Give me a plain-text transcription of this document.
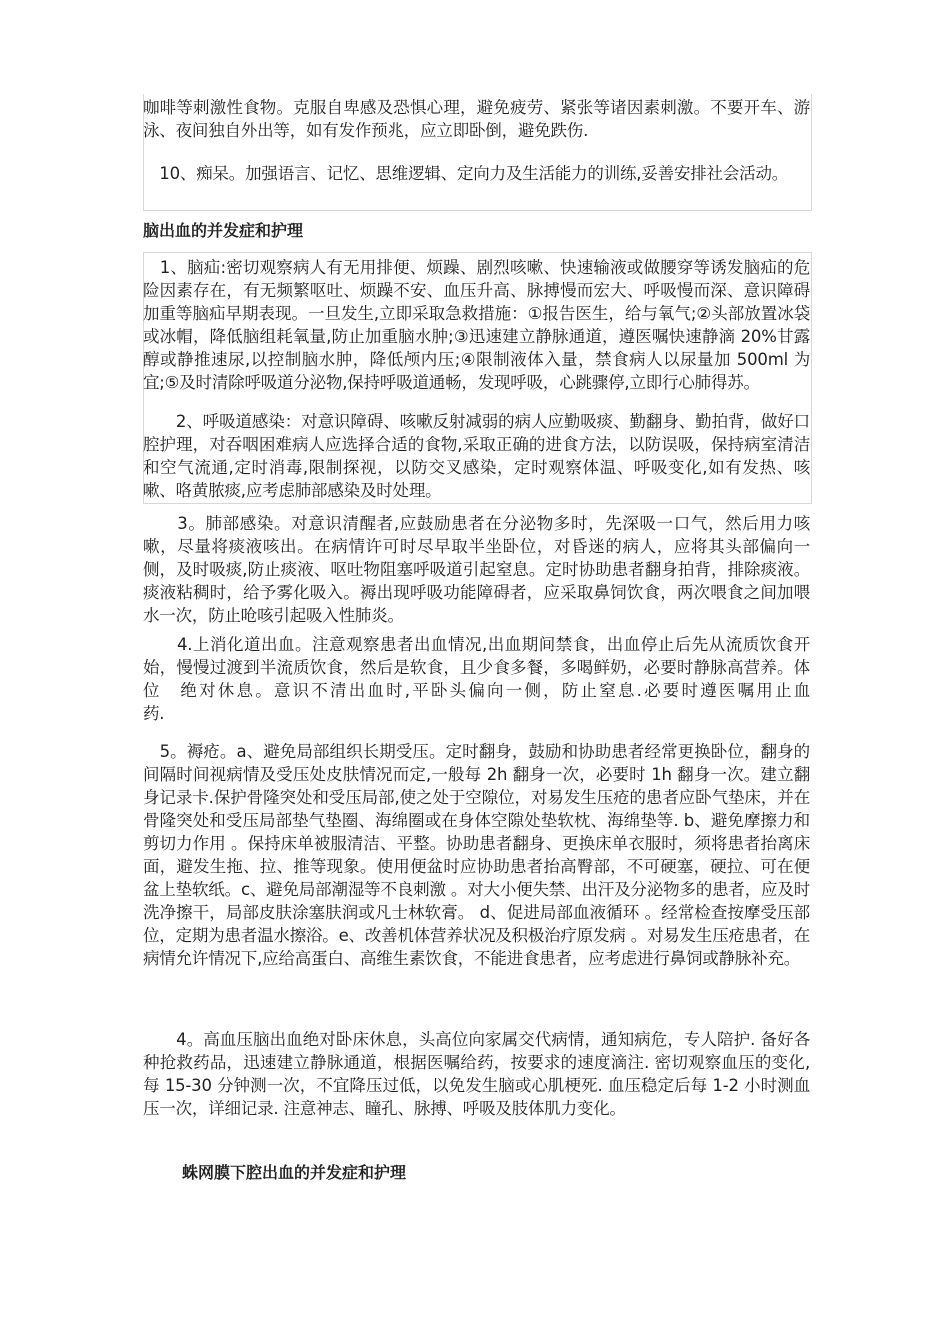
咖啡等刺激性食物。克服自卑感及恐惧心理，避免疲劳、紧张等诸因素刺激。不要开车、游泳、夜间独自外出等，如有发作预兆，应立即卧倒，避免跌伤.

　10、痴呆。加强语言、记忆、思维逻辑、定向力及生活能力的训练,妥善安排社会活动。

脑出血的并发症和护理

　1、脑疝:密切观察病人有无用排便、烦躁、剧烈咳嗽、快速输液或做腰穿等诱发脑疝的危险因素存在，有无频繁呕吐、烦躁不安、血压升高、脉搏慢而宏大、呼吸慢而深、意识障碍加重等脑疝早期表现。一旦发生,立即采取急救措施：①报告医生，给与氧气;②头部放置冰袋或冰帽，降低脑组耗氧量,防止加重脑水肿;③迅速建立静脉通道，遵医嘱快速静滴 20%甘露醇或静推速尿,以控制脑水肿，降低颅内压;④限制液体入量，禁食病人以尿量加 500ml 为宜;⑤及时清除呼吸道分泌物,保持呼吸道通畅，发现呼吸，心跳骤停,立即行心肺得苏。

　　2、呼吸道感染：对意识障碍、咳嗽反射减弱的病人应勤吸痰、勤翻身、勤拍背，做好口腔护理，对吞咽困难病人应选择合适的食物,采取正确的进食方法，以防误吸，保持病室清洁和空气流通,定时消毒,限制探视，以防交叉感染，定时观察体温、呼吸变化,如有发热、咳嗽、咯黄脓痰,应考虑肺部感染及时处理。

　　3。肺部感染。对意识清醒者,应鼓励患者在分泌物多时，先深吸一口气，然后用力咳嗽，尽量将痰液咳出。在病情许可时尽早取半坐卧位，对昏迷的病人，应将其头部偏向一侧，及时吸痰,防止痰液、呕吐物阻塞呼吸道引起窒息。定时协助患者翻身拍背，排除痰液。痰液粘稠时，给予雾化吸入。褥出现呼吸功能障碍者，应采取鼻饲饮食，两次喂食之间加喂水一次，防止呛咳引起吸入性肺炎。

　　4.上消化道出血。注意观察患者出血情况,出血期间禁食，出血停止后先从流质饮食开始，慢慢过渡到半流质饮食，然后是软食，且少食多餐，多喝鲜奶，必要时静脉高营养。体位　绝对休息。意识不清出血时,平卧头偏向一侧，防止窒息.必要时遵医嘱用止血　　　　　药.

　5。褥疮。a、避免局部组织长期受压。定时翻身，鼓励和协助患者经常更换卧位，翻身的间隔时间视病情及受压处皮肤情况而定,一般每 2h 翻身一次，必要时 1h 翻身一次。建立翻身记录卡.保护骨隆突处和受压局部,使之处于空隙位，对易发生压疮的患者应卧气垫床，并在骨隆突处和受压局部垫气垫圈、海绵圈或在身体空隙处垫软枕、海绵垫等. b、避免摩擦力和剪切力作用 。保持床单被服清洁、平整。协助患者翻身、更换床单衣服时，须将患者抬离床面，避发生拖、拉、推等现象。使用便盆时应协助患者抬高臀部，不可硬塞，硬拉、可在便盆上垫软纸。c、避免局部潮湿等不良刺激 。对大小便失禁、出汗及分泌物多的患者，应及时洗净擦干，局部皮肤涂塞肤润或凡士林软膏。 d、促进局部血液循环 。经常检查按摩受压部位，定期为患者温水擦浴。e、改善机体营养状况及积极治疗原发病 。对易发生压疮患者，在病情允许情况下,应给高蛋白、高维生素饮食，不能进食患者，应考虑进行鼻饲或静脉补充。

　　4。高血压脑出血绝对卧床休息，头高位向家属交代病情，通知病危，专人陪护. 备好各种抢救药品，迅速建立静脉通道，根据医嘱给药，按要求的速度滴注. 密切观察血压的变化,每 15-30 分钟测一次，不宜降压过低，以免发生脑或心肌梗死. 血压稳定后每 1-2 小时测血压一次，详细记录. 注意神志、瞳孔、脉搏、呼吸及肢体肌力变化。

蛛网膜下腔出血的并发症和护理
